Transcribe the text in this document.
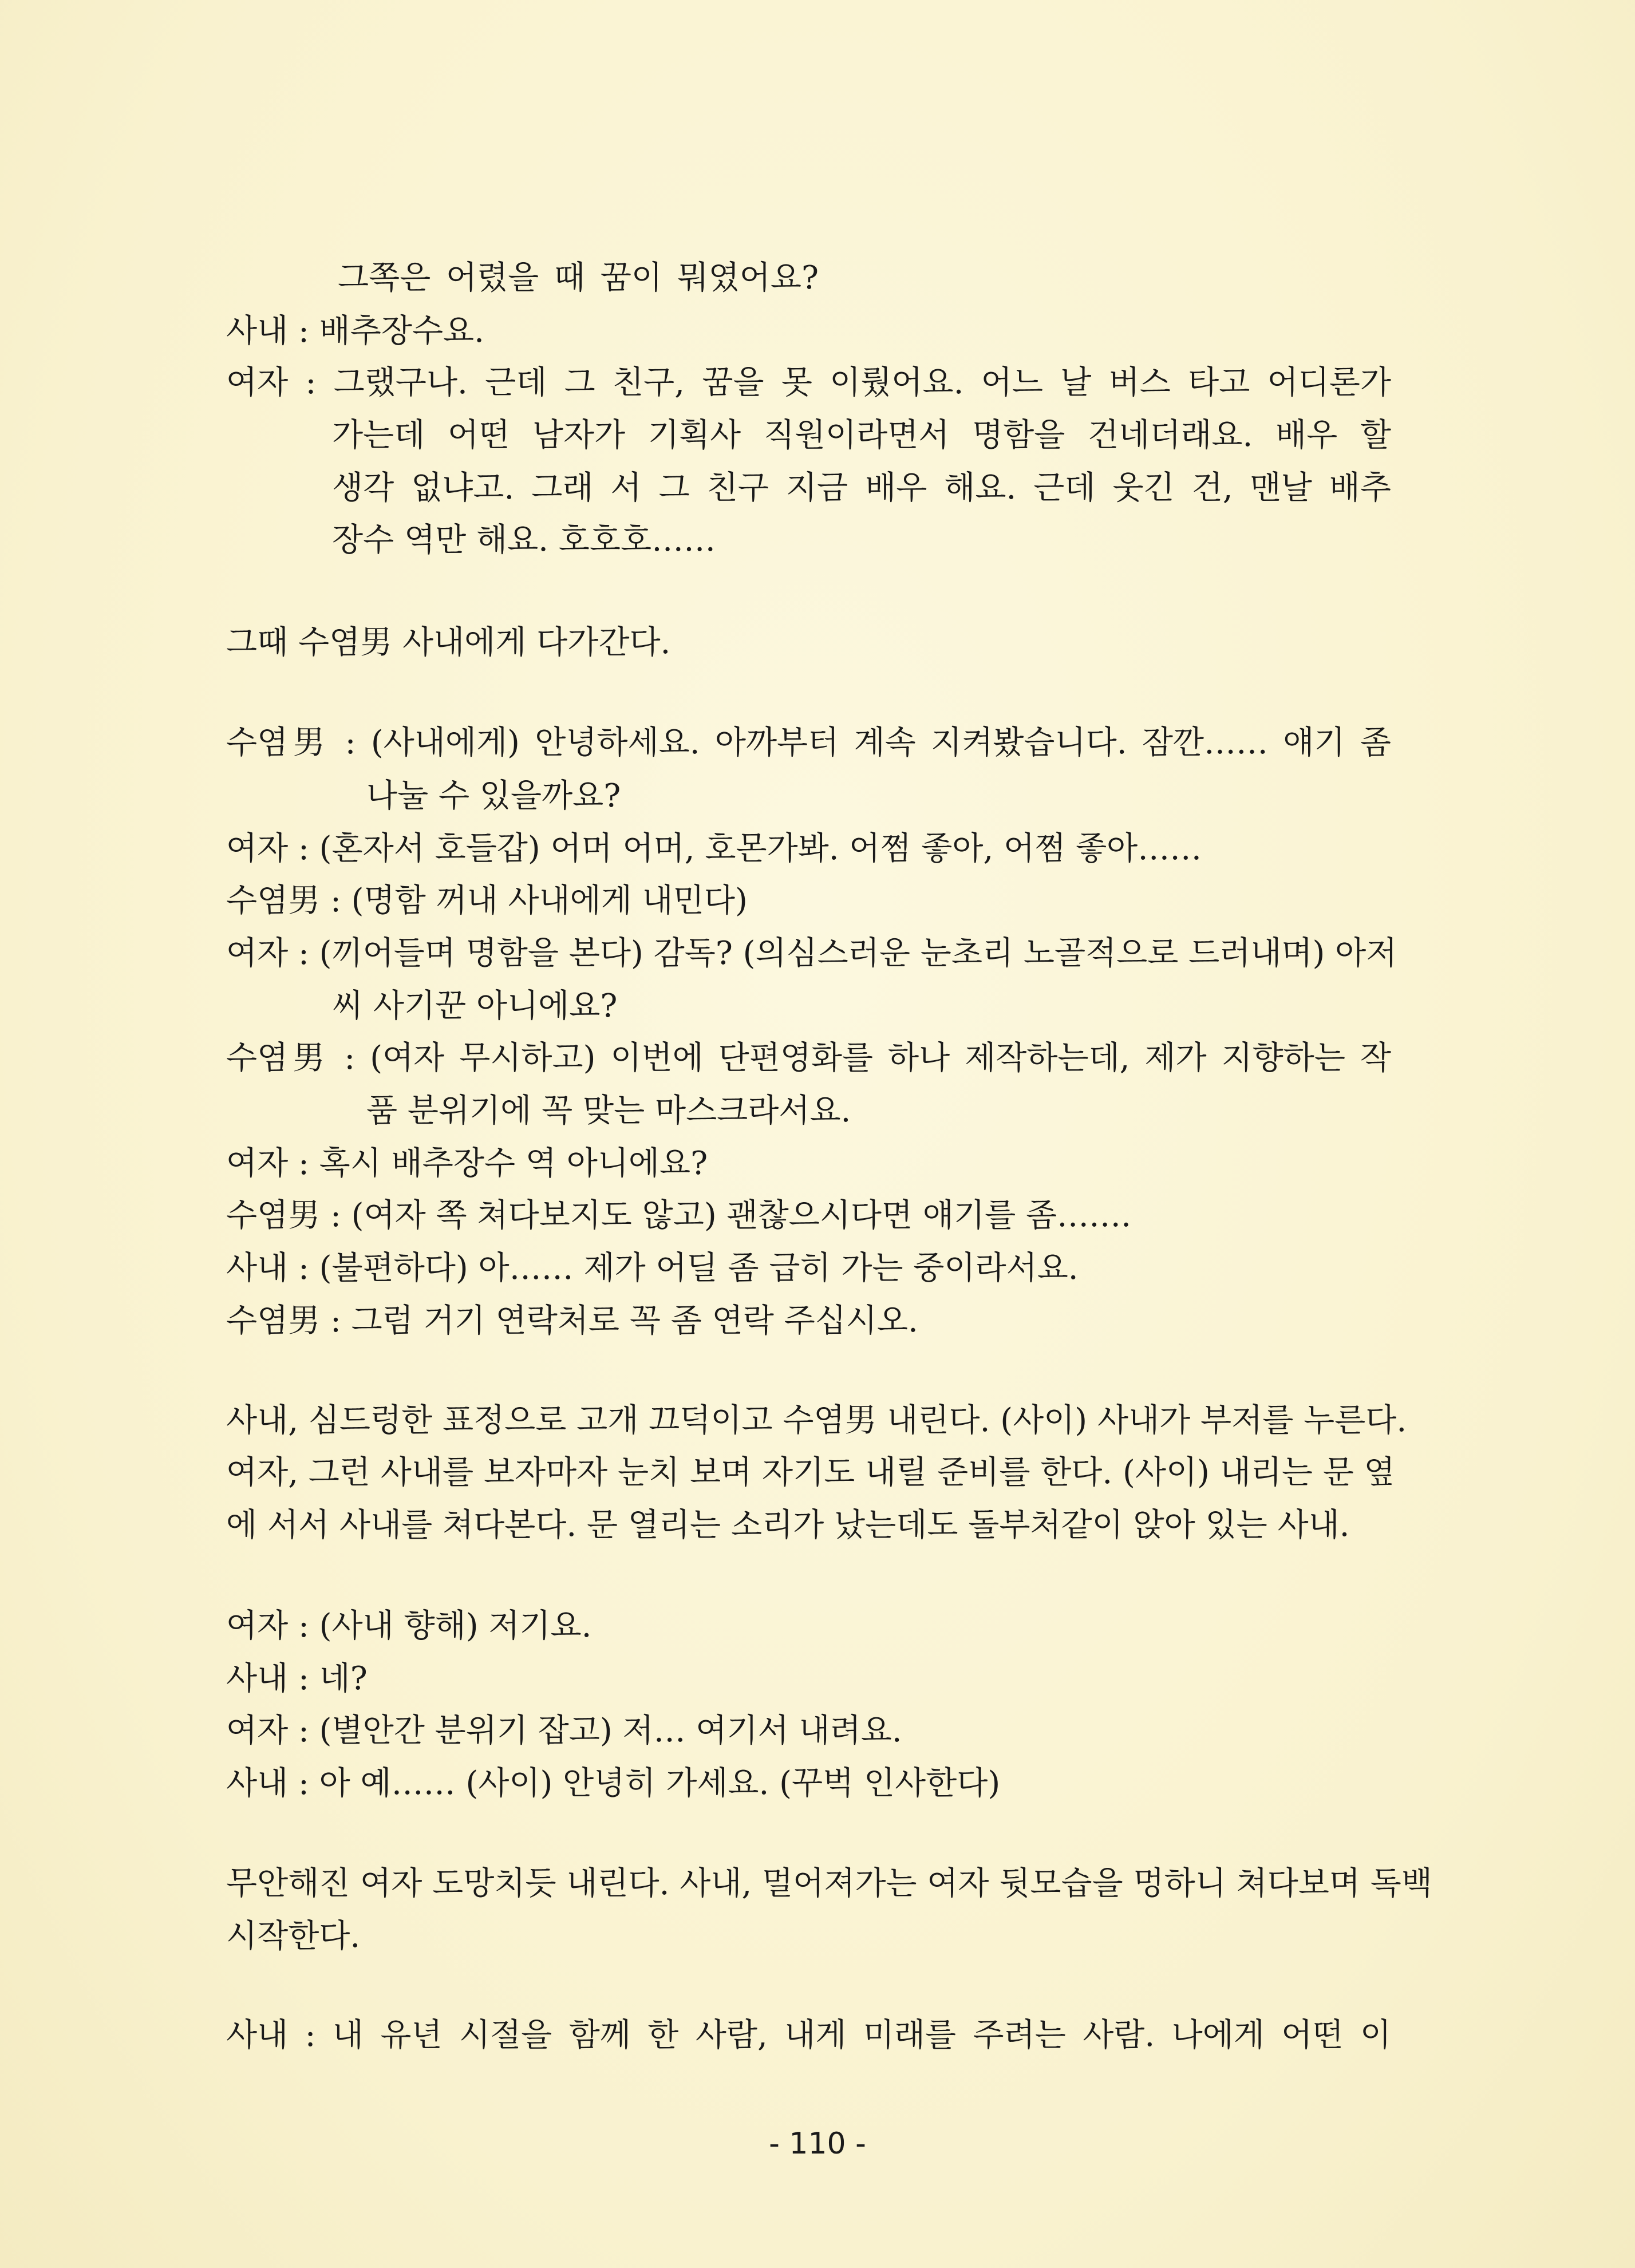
그쪽은 어렸을 때 꿈이 뭐였어요?
사내 : 배추장수요.
여자 : 그랬구나. 근데 그 친구, 꿈을 못 이뤘어요. 어느 날 버스 타고 어디론가
가는데 어떤 남자가 기획사 직원이라면서 명함을 건네더래요. 배우 할
생각 없냐고. 그래 서 그 친구 지금 배우 해요. 근데 웃긴 건, 맨날 배추
장수 역만 해요. 호호호……
그때 수염男 사내에게 다가간다.
수염男 : (사내에게) 안녕하세요. 아까부터 계속 지켜봤습니다. 잠깐…… 얘기 좀
나눌 수 있을까요?
여자 : (혼자서 호들갑) 어머 어머, 호몬가봐. 어쩜 좋아, 어쩜 좋아……
수염男 : (명함 꺼내 사내에게 내민다)
여자 : (끼어들며 명함을 본다) 감독? (의심스러운 눈초리 노골적으로 드러내며) 아저
씨 사기꾼 아니에요?
수염男 : (여자 무시하고) 이번에 단편영화를 하나 제작하는데, 제가 지향하는 작
품 분위기에 꼭 맞는 마스크라서요.
여자 : 혹시 배추장수 역 아니에요?
수염男 : (여자 쪽 쳐다보지도 않고) 괜찮으시다면 얘기를 좀…….
사내 : (불편하다) 아…… 제가 어딜 좀 급히 가는 중이라서요.
수염男 : 그럼 거기 연락처로 꼭 좀 연락 주십시오.
사내, 심드렁한 표정으로 고개 끄덕이고 수염男 내린다. (사이) 사내가 부저를 누른다.
여자, 그런 사내를 보자마자 눈치 보며 자기도 내릴 준비를 한다. (사이) 내리는 문 옆
에 서서 사내를 쳐다본다. 문 열리는 소리가 났는데도 돌부처같이 앉아 있는 사내.
여자 : (사내 향해) 저기요.
사내 : 네?
여자 : (별안간 분위기 잡고) 저… 여기서 내려요.
사내 : 아 예…… (사이) 안녕히 가세요. (꾸벅 인사한다)
무안해진 여자 도망치듯 내린다. 사내, 멀어져가는 여자 뒷모습을 멍하니 쳐다보며 독백
시작한다.
사내 : 내 유년 시절을 함께 한 사람, 내게 미래를 주려는 사람. 나에게 어떤 이
- 110 -
